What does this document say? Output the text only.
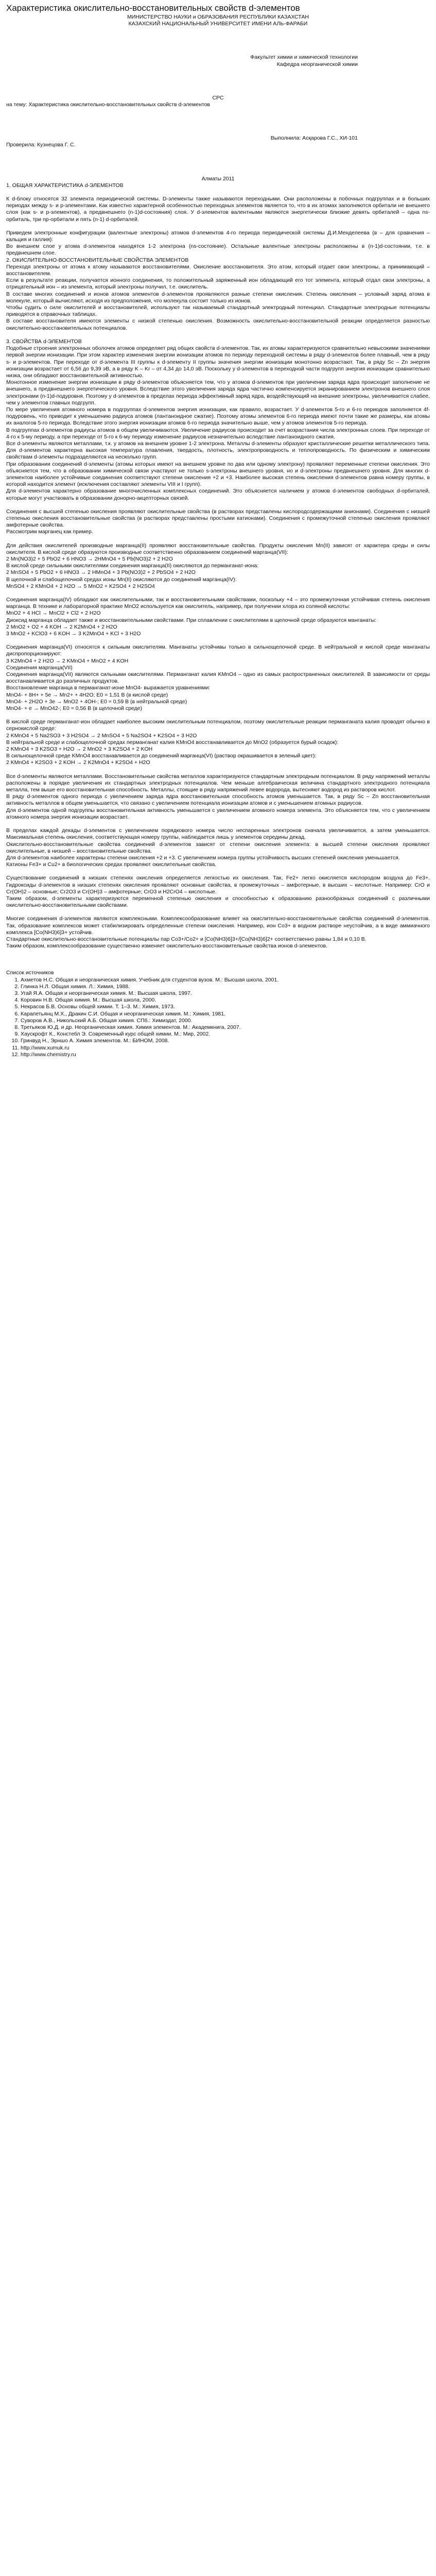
Характеристика окислительно-восстановительных свойств d-элементов

МИНИСТЕРСТВО НАУКИ и ОБРАЗОВАНИЯ РЕСПУБЛИКИ КАЗАХСТАН

КАЗАХСКИЙ НАЦИОНАЛЬНЫЙ УНИВЕРСИТЕТ ИМЕНИ АЛЬ-ФАРАБИ

Факультет химии и химической технологии

Кафедра неорганической химии

СРС

на тему: Характеристика окислительно-восстановительных свойств d-элементов

Выполнила: Асқарова Г.С., ХИ-101

Проверила: Кузнецова Г. С.

Алматы 2011

1. ОБЩАЯ ХАРАКТЕРИСТИКА d-ЭЛЕМЕНТОВ

К d-блоку относятся 32 элемента периодической системы. D-элементы также называются переходными. Они расположены в побочных подгруппах и в больших периодах между s- и p-элементами. Как известно характерной особенностью переходных элементов является то, что в их атомах заполняются орбитали не внешнего слоя (как s- и p-элементов), а предвнешнего (n-1)d-состояния) слоя. У d-элементов валентными являются энергетически близкие девять орбиталей – одна ns-орбиталь, три np-орбитали и пять (n-1) d-орбиталей.

Приведем электронные конфигурации (валентные электроны) атомов d-элементов 4-го периода периодической системы Д.И.Менделеева (в – для сравнения – кальция и галлия):

Во внешнем слое у атома d-элементов находятся 1-2 электрона (ns-состояние). Остальные валентные электроны расположены в (n-1)d-состоянии, т.е. в предвнешнем слое.

2. ОКИСЛИТЕЛЬНО-ВОССТАНОВИТЕЛЬНЫЕ СВОЙСТВА ЭЛЕМЕНТОВ

Переходя электроны от атома к атому называются восстановителями. Окисление восстановителя. Это атом, который отдает свои электроны, а принимающий – восстановителем.

Если в результате реакции, получается ионного соединения, то положительный заряженный ион обладающий его тот элемента, который отдал свои электроны, а отрицательный ион – из элемента, который электроны получил, т.е. окислитель.

В составе многих соединений и ионов атомов элементов d-элементов проявляются разные степени окисления. Степень окисления – условный заряд атома в молекуле, который вычисляют, исходя из предположения, что молекула состоит только из ионов.

Чтобы судить о силе окислителей и восстановителей, используют так называемый стандартный электродный потенциал. Стандартные электродные потенциалы приводятся в справочных таблицах.

В составе восстановителя имеются элементы с низкой степенью окисления. Возможность окислительно-восстановительной реакции определяется разностью окислительно-восстановительных потенциалов.

3. СВОЙСТВА d-ЭЛЕМЕНТОВ

Подобные строения электронных оболочек атомов определяет ряд общих свойств d-элементов. Так, их атомы характеризуются сравнительно невысокими значениями первой энергии ионизации. При этом характер изменения энергии ионизации атомов по периоду переходной системы в ряду d-элементов более плавный, чем в ряду s- и p-элементов. При переходе от d-элемента III группы к d-элементу II группы значения энергии ионизации монотонно возрастают. Так, в ряду Sc – Zn энергия ионизации возрастает от 6,56 до 9,39 эВ, а в ряду K – Kr – от 4,34 до 14,0 эВ. Поскольку у d-элементов в переходной части подгрупп энергия ионизации сравнительно низка, они обладают восстановительной активностью.

Монотонное изменение энергии ионизации в ряду d-элементов объясняется тем, что у атомов d-элементов при увеличении заряда ядра происходит заполнение не внешнего, а предвнешнего энергетического уровня. Вследствие этого увеличения заряда ядра частично компенсируется экранированием электронов внешнего слоя электронами (n-1)d-подуровня. Поэтому у d-элементов в пределах периода эффективный заряд ядра, воздействующий на внешние электроны, увеличивается слабее, чем у элементов главных подгрупп.

По мере увеличения атомного номера в подгруппах d-элементов энергия ионизации, как правило, возрастает. У d-элементов 5-го и 6-го периодов заполняется 4f-подуровень, что приводит к уменьшению радиуса атомов (лантаноидное сжатие). Поэтому атомы элементов 6-го периода имеют почти такие же размеры, как атомы их аналогов 5-го периода. Вследствие этого энергия ионизации атомов 6-го периода значительно выше, чем у атомов элементов 5-го периода.

В подгруппах d-элементов радиусы атомов в общем увеличиваются. Увеличение радиусов происходит за счет возрастания числа электронных слоев. При переходе от 4-го к 5-му периоду, а при переходе от 5-го к 6-му периоду изменение радиусов незначительно вследствие лантаноидного сжатия.

Все d-элементы являются металлами, т.к. у атомов на внешнем уровне 1-2 электрона. Металлы d-элементы образуют кристаллические решетки металлического типа. Для d-элементов характерна высокая температура плавления, твердость, плотность, электропроводность и теплопроводность. По физическим и химическим свойствам d-элементы подразделяются на несколько групп.

При образовании соединений d-элементы (атомы которых имеют на внешнем уровне по два или одному электрону) проявляют переменные степени окисления. Это объясняется тем, что в образовании химической связи участвуют не только s-электроны внешнего уровня, но и d-электроны предвнешнего уровня. Для многих d-элементов наиболее устойчивые соединения соответствуют степени окисления +2 и +3. Наиболее высокая степень окисления d-элементов равна номеру группы, в которой находится элемент (исключения составляют элементы VIII и I групп).

Для d-элементов характерно образование многочисленных комплексных соединений. Это объясняется наличием у атомов d-элементов свободных d-орбиталей, которые могут участвовать в образовании донорно-акцепторных связей.

Соединения с высшей степенью окисления проявляют окислительные свойства (в растворах представлены кислородсодержащими анионами). Соединения с низшей степенью окисления восстановительные свойства (в растворах представлены простыми катионами). Соединения с промежуточной степенью окисления проявляют амфотерные свойства.

Рассмотрим марганец как пример.

Для действия окислителей производные марганца(II) проявляют восстановительные свойства. Продукты окисления Mn(II) зависят от характера среды и силы окислителя. В кислой среде образуются производные соответственно образованием соединений марганца(VII):

2 Mn(NO3)2 + 5 PbO2 + 6 HNO3 → 2HMnO4 + 5 Pb(NO3)2 + 2 H2O

В кислой среде сильными окислителями соединения марганца(II) окисляются до перманганат-иона:

2 MnSO4 + 5 PbO2 + 6 HNO3 → 2 HMnO4 + 3 Pb(NO3)2 + 2 PbSO4 + 2 H2O

В щелочной и слабощелочной средах ионы Mn(II) окисляются до соединений марганца(IV):

MnSO4 + 2 KMnO4 + 2 H2O → 5 MnO2 + K2SO4 + 2 H2SO4

Соединения марганца(IV) обладают как окислительными, так и восстановительными свойствами, поскольку +4 – это промежуточная устойчивая степень окисления марганца. В технике и лабораторной практике MnO2 используется как окислитель, например, при получении хлора из соляной кислоты:

MnO2 + 4 HCl → MnCl2 + Cl2 + 2 H2O

Диоксид марганца обладает также и восстановительными свойствами. При сплавлении с окислителями в щелочной среде образуются манганаты:

2 MnO2 + O2 + 4 KOH → 2 K2MnO4 + 2 H2O

3 MnO2 + KClO3 + 6 KOH → 3 K2MnO4 + KCl + 3 H2O

Соединения марганца(VI) относятся к сильным окислителям. Манганаты устойчивы только в сильнощелочной среде. В нейтральной и кислой среде манганаты диспропорционируют:

3 K2MnO4 + 2 H2O → 2 KMnO4 + MnO2 + 4 KOH

Соединения марганца(VII)

Соединения марганца(VII) являются сильными окислителями. Перманганат калия KMnO4 – одно из самых распространенных окислителей. В зависимости от среды восстанавливается до различных продуктов.

Восстановление марганца в перманганат-ионе MnO4- выражается уравнениями:

MnO4- + 8H+ + 5e → Mn2+ + 4H2O; E0 = 1,51 В (в кислой среде)

MnO4- + 2H2O + 3e → MnO2 + 4OH-; E0 = 0,59 В (в нейтральной среде)

MnO4- + e → MnO42-; E0 = 0,56 В (в щелочной среде)

В кислой среде перманганат-ион обладает наиболее высоким окислительным потенциалом, поэтому окислительные реакции перманганата калия проводят обычно в сернокислой среде:

2 KMnO4 + 5 Na2SO3 + 3 H2SO4 → 2 MnSO4 + 5 Na2SO4 + K2SO4 + 3 H2O

В нейтральной среде и слабощелочной средах перманганат калия KMnO4 восстанавливается до MnO2 (образуется бурый осадок):

2 KMnO4 + 3 K2SO3 + H2O → 2 MnO2 + 3 K2SO4 + 2 KOH

В сильнощелочной среде KMnO4 восстанавливается до соединений марганца(VI) (раствор окрашивается в зеленый цвет):

2 KMnO4 + K2SO3 + 2 KOH → 2 K2MnO4 + K2SO4 + H2O

Все d-элементы являются металлами. Восстановительные свойства металлов характеризуются стандартным электродным потенциалом. В ряду напряжений металлы расположены в порядке увеличения их стандартных электродных потенциалов. Чем меньше алгебраическая величина стандартного электродного потенциала металла, тем выше его восстановительная способность. Металлы, стоящие в ряду напряжений левее водорода, вытесняют водород из растворов кислот.

В ряду d-элементов одного периода с увеличением заряда ядра восстановительная способность атомов уменьшается. Так, в ряду Sc – Zn восстановительная активность металлов в общем уменьшается, что связано с увеличением потенциала ионизации атомов и с уменьшением атомных радиусов.

Для d-элементов одной подгруппы восстановительная активность уменьшается с увеличением атомного номера элемента. Это объясняется тем, что с увеличением атомного номера энергия ионизации возрастает.

В пределах каждой декады d-элементов с увеличением порядкового номера число неспаренных электронов сначала увеличивается, а затем уменьшается. Максимальная степень окисления, соответствующая номеру группы, наблюдается лишь у элементов середины декад.

Окислительно-восстановительные свойства соединений d-элементов зависят от степени окисления элемента: в высшей степени окисления проявляют окислительные, в низшей – восстановительные свойства.

Для d-элементов наиболее характерны степени окисления +2 и +3. С увеличением номера группы устойчивость высших степеней окисления уменьшается.

Катионы Fe3+ и Cu2+ в биологических средах проявляют окислительные свойства.

Существование соединений в низших степенях окисления определяется легкостью их окисления. Так, Fe2+ легко окисляется кислородом воздуха до Fe3+. Гидроксиды d-элементов в низших степенях окисления проявляют основные свойства, в промежуточных – амфотерные, в высших – кислотные. Например: CrO и Cr(OH)2 – основные; Cr2O3 и Cr(OH)3 – амфотерные; CrO3 и H2CrO4 – кислотные.

Таким образом, d-элементы характеризуются переменной степенью окисления и способностью к образованию разнообразных соединений с различными окислительно-восстановительными свойствами.

Многие соединения d-элементов являются комплексными. Комплексообразование влияет на окислительно-восстановительные свойства соединений d-элементов. Так, образование комплексов может стабилизировать определенные степени окисления. Например, ион Co3+ в водном растворе неустойчив, а в виде аммиачного комплекса [Co(NH3)6]3+ устойчив.

Стандартные окислительно-восстановительные потенциалы пар Co3+/Co2+ и [Co(NH3)6]3+/[Co(NH3)6]2+ соответственно равны 1,84 и 0,10 В.

Таким образом, комплексообразование существенно изменяет окислительно-восстановительные свойства ионов d-элементов.

Список источников

1. Ахметов Н.С. Общая и неорганическая химия. Учебник для студентов вузов. М.: Высшая школа, 2001.
2. Глинка Н.Л. Общая химия. Л.: Химия, 1988.
3. Угай Я.А. Общая и неорганическая химия. М.: Высшая школа, 1997.
4. Коровин Н.В. Общая химия. М.: Высшая школа, 2000.
5. Некрасов Б.В. Основы общей химии. Т. 1–3. М.: Химия, 1973.
6. Карапетьянц М.Х., Дракин С.И. Общая и неорганическая химия. М.: Химия, 1981.
7. Суворов А.В., Никольский А.Б. Общая химия. СПб.: Химиздат, 2000.
8. Третьяков Ю.Д. и др. Неорганическая химия. Химия элементов. М.: Академкнига, 2007.
9. Хаускрофт К., Констебл Э. Современный курс общей химии. М.: Мир, 2002.
10. Гринвуд Н., Эрншо А. Химия элементов. М.: БИНОМ, 2008.
11. http://www.xumuk.ru
12. http://www.chemistry.ru
